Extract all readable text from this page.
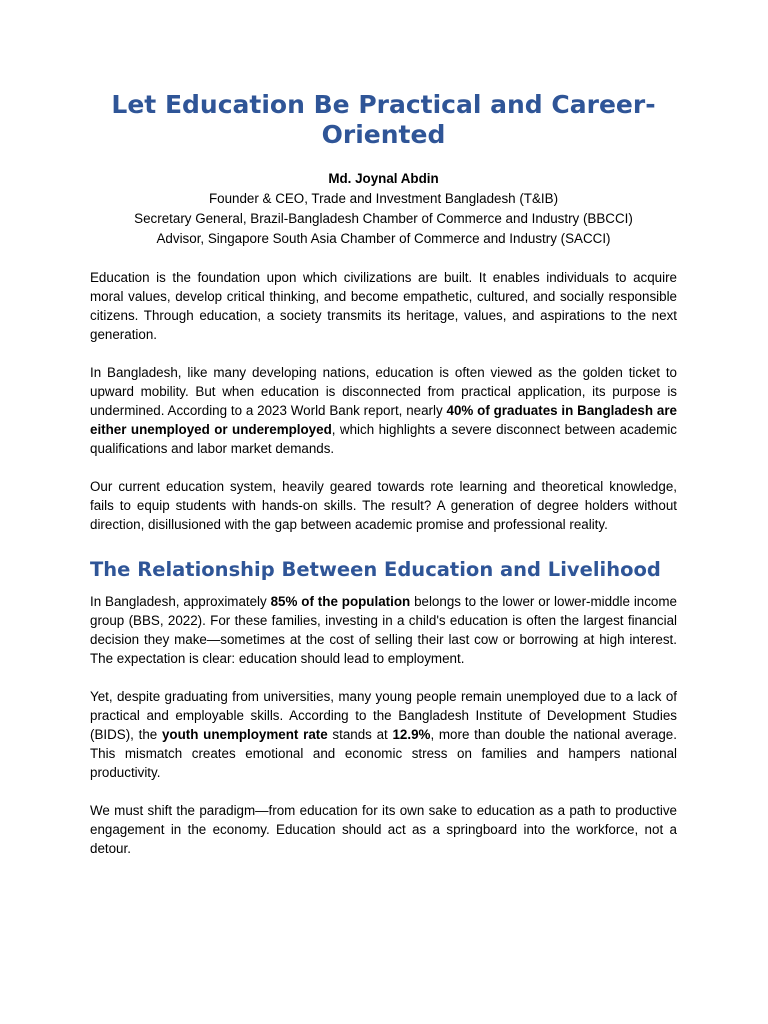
Let Education Be Practical and Career-Oriented
Md. Joynal Abdin
Founder & CEO, Trade and Investment Bangladesh (T&IB)
Secretary General, Brazil-Bangladesh Chamber of Commerce and Industry (BBCCI)
Advisor, Singapore South Asia Chamber of Commerce and Industry (SACCI)

Education is the foundation upon which civilizations are built. It enables individuals to acquire moral values, develop critical thinking, and become empathetic, cultured, and socially responsible citizens. Through education, a society transmits its heritage, values, and aspirations to the next generation.

In Bangladesh, like many developing nations, education is often viewed as the golden ticket to upward mobility. But when education is disconnected from practical application, its purpose is undermined. According to a 2023 World Bank report, nearly 40% of graduates in Bangladesh are either unemployed or underemployed, which highlights a severe disconnect between academic qualifications and labor market demands.

Our current education system, heavily geared towards rote learning and theoretical knowledge, fails to equip students with hands-on skills. The result? A generation of degree holders without direction, disillusioned with the gap between academic promise and professional reality.

The Relationship Between Education and Livelihood

In Bangladesh, approximately 85% of the population belongs to the lower or lower-middle income group (BBS, 2022). For these families, investing in a child's education is often the largest financial decision they make—sometimes at the cost of selling their last cow or borrowing at high interest. The expectation is clear: education should lead to employment.

Yet, despite graduating from universities, many young people remain unemployed due to a lack of practical and employable skills. According to the Bangladesh Institute of Development Studies (BIDS), the youth unemployment rate stands at 12.9%, more than double the national average. This mismatch creates emotional and economic stress on families and hampers national productivity.

We must shift the paradigm—from education for its own sake to education as a path to productive engagement in the economy. Education should act as a springboard into the workforce, not a detour.
